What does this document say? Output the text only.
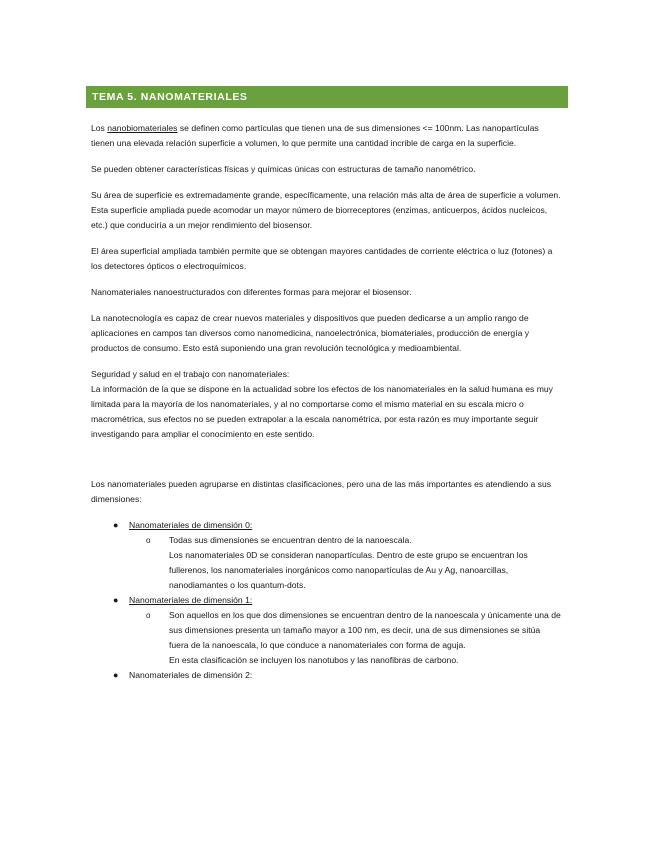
TEMA 5. NANOMATERIALES

Los nanobiomateriales se definen como partículas que tienen una de sus dimensiones <= 100nm. Las nanopartículas tienen una elevada relación superficie a volumen, lo que permite una cantidad incrible de carga en la superficie.

Se pueden obtener características físicas y químicas únicas con estructuras de tamaño nanométrico.

Su área de superficie es extremadamente grande, específicamente, una relación más alta de área de superficie a volumen. Esta superficie ampliada puede acomodar un mayor número de biorreceptores (enzimas, anticuerpos, ácidos nucleicos, etc.) que conduciría a un mejor rendimiento del biosensor.

El área superficial ampliada también permite que se obtengan mayores cantidades de corriente eléctrica o luz (fotones) a los detectores ópticos o electroquímicos.

Nanomateriales nanoestructurados con diferentes formas para mejorar el biosensor.

La nanotecnología es capaz de crear nuevos materiales y dispositivos que pueden dedicarse a un amplio rango de aplicaciones en campos tan diversos como nanomedicina, nanoelectrónica, biomateriales, producción de energía y productos de consumo. Esto está suponiendo una gran revolución tecnológica y medioambiental.

Seguridad y salud en el trabajo con nanomateriales:
La información de la que se dispone en la actualidad sobre los efectos de los nanomateriales en la salud humana es muy limitada para la mayoría de los nanomateriales, y al no comportarse como el mismo material en su escala micro o macrométrica, sus efectos no se pueden extrapolar a la escala nanométrica, por esta razón es muy importante seguir investigando para ampliar el conocimiento en este sentido.

Los nanomateriales pueden agruparse en distintas clasificaciones, pero una de las más importantes es atendiendo a sus dimensiones:

● Nanomateriales de dimensión 0:
o Todas sus dimensiones se encuentran dentro de la nanoescala.
Los nanomateriales 0D se consideran nanopartículas. Dentro de este grupo se encuentran los fullerenos, los nanomateriales inorgánicos como nanopartículas de Au y Ag, nanoarcillas, nanodiamantes o los quantum-dots.
● Nanomateriales de dimensión 1:
o Son aquellos en los que dos dimensiones se encuentran dentro de la nanoescala y únicamente una de sus dimensiones presenta un tamaño mayor a 100 nm, es decir, una de sus dimensiones se sitúa fuera de la nanoescala, lo que conduce a nanomateriales con forma de aguja.
En esta clasificación se incluyen los nanotubos y las nanofibras de carbono.
● Nanomateriales de dimensión 2:
